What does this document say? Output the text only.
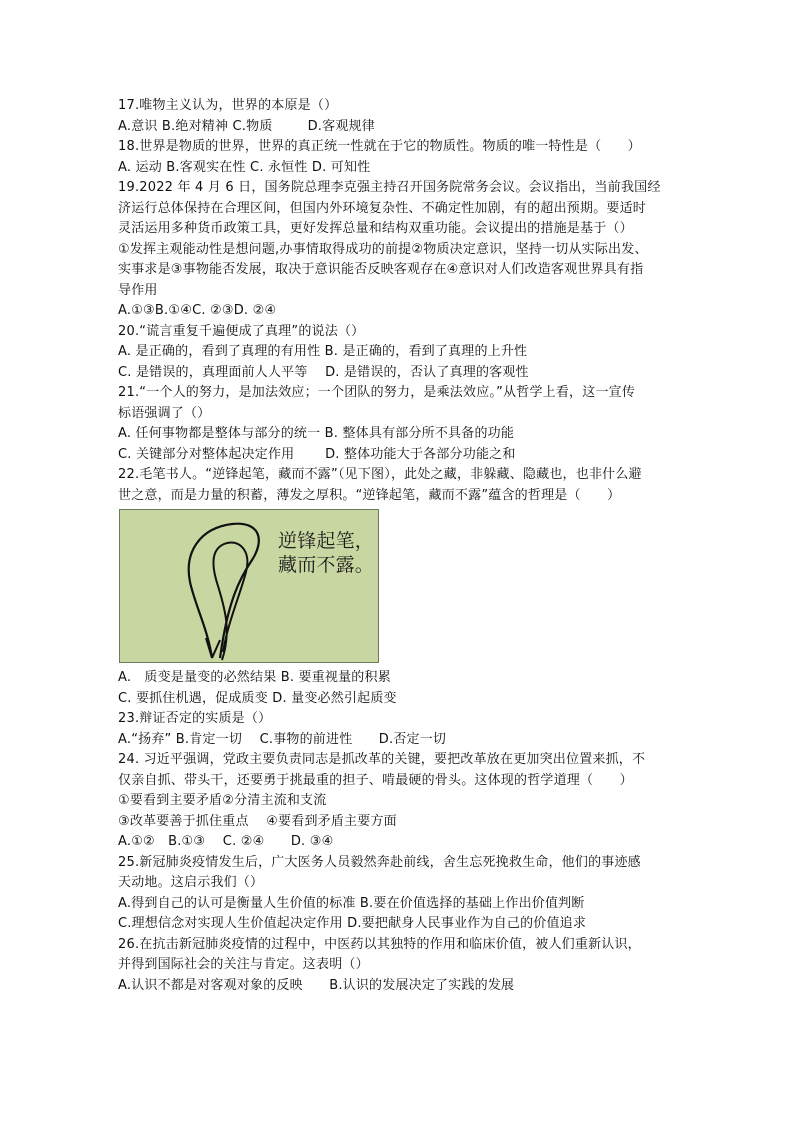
17.唯物主义认为，世界的本原是（）
A.意识 B.绝对精神 C.物质 　　 D.客观规律
18.世界是物质的世界，世界的真正统一性就在于它的物质性。物质的唯一特性是（　　）
A. 运动 B.客观实在性 C. 永恒性 D. 可知性
19.2022 年 4 月 6 日，国务院总理李克强主持召开国务院常务会议。会议指出，当前我国经
济运行总体保持在合理区间，但国内外环境复杂性、不确定性加剧，有的超出预期。要适时
灵活运用多种货币政策工具，更好发挥总量和结构双重功能。会议提出的措施是基于（）
①发挥主观能动性是想问题,办事情取得成功的前提②物质决定意识，坚持一切从实际出发、
实事求是③事物能否发展，取决于意识能否反映客观存在④意识对人们改造客观世界具有指
导作用
A.①③B.①④C. ②③D. ②④
20.“谎言重复千遍便成了真理”的说法（）
A. 是正确的，看到了真理的有用性 B. 是正确的，看到了真理的上升性
C. 是错误的，真理面前人人平等 　D. 是错误的，否认了真理的客观性
21.“一个人的努力，是加法效应；一个团队的努力，是乘法效应。”从哲学上看，这一宣传
标语强调了（）
A. 任何事物都是整体与部分的统一 B. 整体具有部分所不具备的功能
C. 关键部分对整体起决定作用 　　D. 整体功能大于各部分功能之和
22.毛笔书人。“逆锋起笔，藏而不露”（见下图），此处之藏，非躲藏、隐藏也，也非什么避
世之意，而是力量的积蓄，薄发之厚积。“逆锋起笔，藏而不露”蕴含的哲理是（　　）
逆锋起笔，
藏而不露。
A.　质变是量变的必然结果 B. 要重视量的积累
C. 要抓住机遇，促成质变 D. 量变必然引起质变
23.辩证否定的实质是（）
A.“扬弃” B.肯定一切　 C.事物的前进性　　D.否定一切
24. 习近平强调，党政主要负责同志是抓改革的关键，要把改革放在更加突出位置来抓，不
仅亲自抓、带头干，还要勇于挑最重的担子、啃最硬的骨头。这体现的哲学道理（　　）
①要看到主要矛盾②分清主流和支流
③改革要善于抓住重点　 ④要看到矛盾主要方面
A.①②　B.①③　 C. ②④　　D. ③④
25.新冠肺炎疫情发生后，广大医务人员毅然奔赴前线，舍生忘死挽救生命，他们的事迹感
天动地。这启示我们（）
A.得到自己的认可是衡量人生价值的标准 B.要在价值选择的基础上作出价值判断
C.理想信念对实现人生价值起决定作用 D.要把献身人民事业作为自己的价值追求
26.在抗击新冠肺炎疫情的过程中，中医药以其独特的作用和临床价值，被人们重新认识，
并得到国际社会的关注与肯定。这表明（）
A.认识不都是对客观对象的反映　　B.认识的发展决定了实践的发展
